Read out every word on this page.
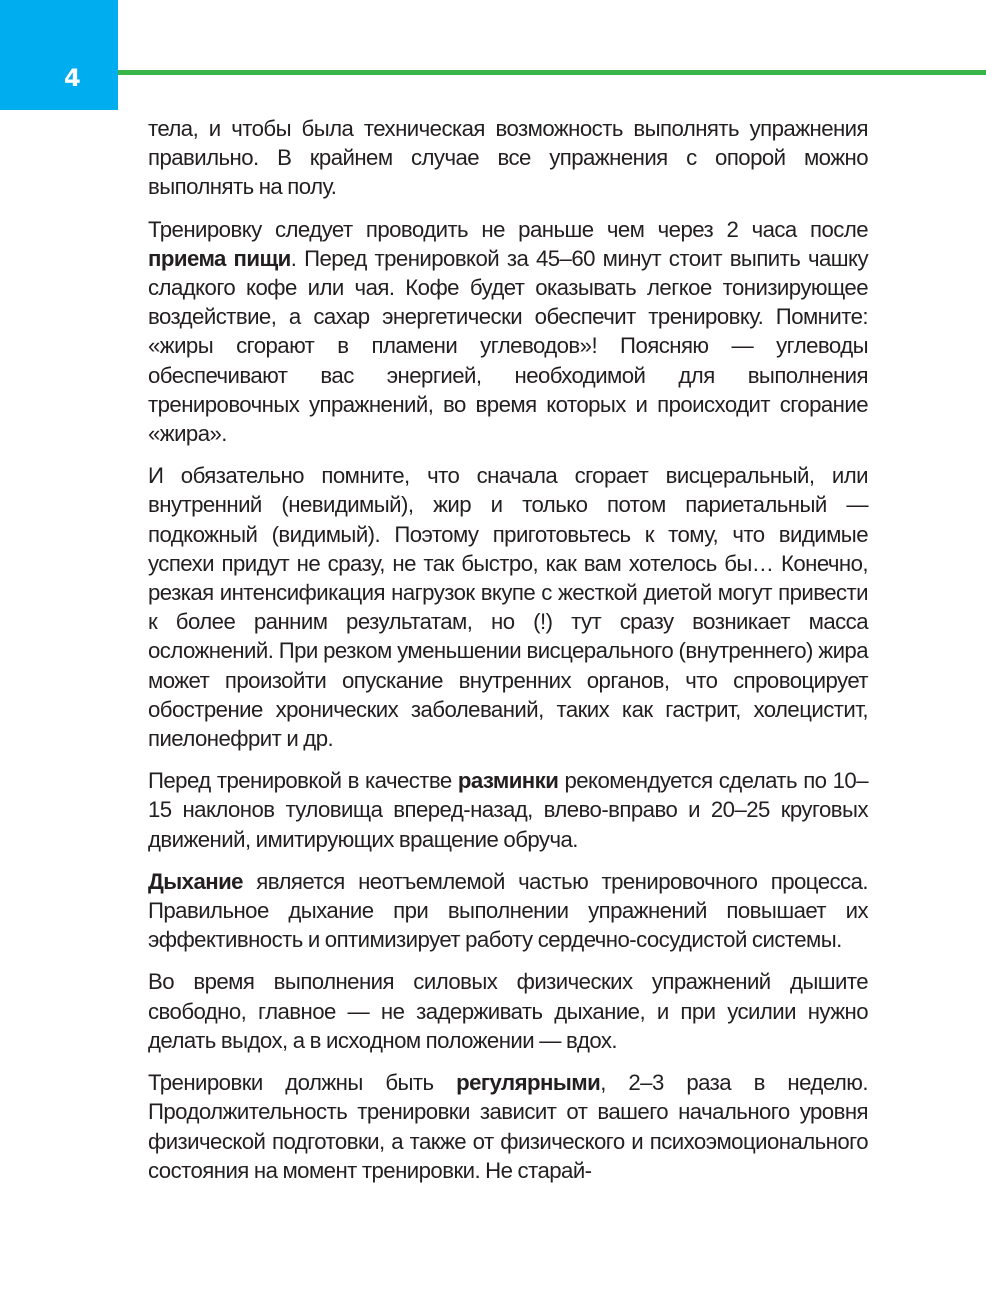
4

тела, и чтобы была техническая возможность выполнять упражнения правильно. В крайнем случае все упражнения с опорой можно выполнять на полу.

Тренировку следует проводить не раньше чем через 2 часа после приема пищи. Перед тренировкой за 45–60 минут стоит выпить чашку сладкого кофе или чая. Кофе будет оказывать легкое тонизирующее воздействие, а сахар энергетически обеспечит тренировку. Помните: «жиры сгорают в пламени углеводов»! Поясняю — углеводы обеспечивают вас энергией, необходимой для выполнения тренировочных упражнений, во время которых и происходит сгорание «жира».

И обязательно помните, что сначала сгорает висцеральный, или внутренний (невидимый), жир и только потом париетальный — подкожный (видимый). Поэтому приготовьтесь к тому, что видимые успехи придут не сразу, не так быстро, как вам хотелось бы… Конечно, резкая интенсификация нагрузок вкупе с жесткой диетой могут привести к более ранним результатам, но (!) тут сразу возникает масса осложнений. При резком уменьшении висцерального (внутреннего) жира может произойти опускание внутренних органов, что спровоцирует обострение хронических заболеваний, таких как гастрит, холецистит, пиелонефрит и др.

Перед тренировкой в качестве разминки рекомендуется сделать по 10–15 наклонов туловища вперед-назад, влево-вправо и 20–25 круговых движений, имитирующих вращение обруча.

Дыхание является неотъемлемой частью тренировочного процесса. Правильное дыхание при выполнении упражнений повышает их эффективность и оптимизирует работу сердечно-сосудистой системы.

Во время выполнения силовых физических упражнений дышите свободно, главное — не задерживать дыхание, и при усилии нужно делать выдох, а в исходном положении — вдох.

Тренировки должны быть регулярными, 2–3 раза в неделю. Продолжительность тренировки зависит от вашего начального уровня физической подготовки, а также от физического и психоэмоционального состояния на момент тренировки. Не старай-
